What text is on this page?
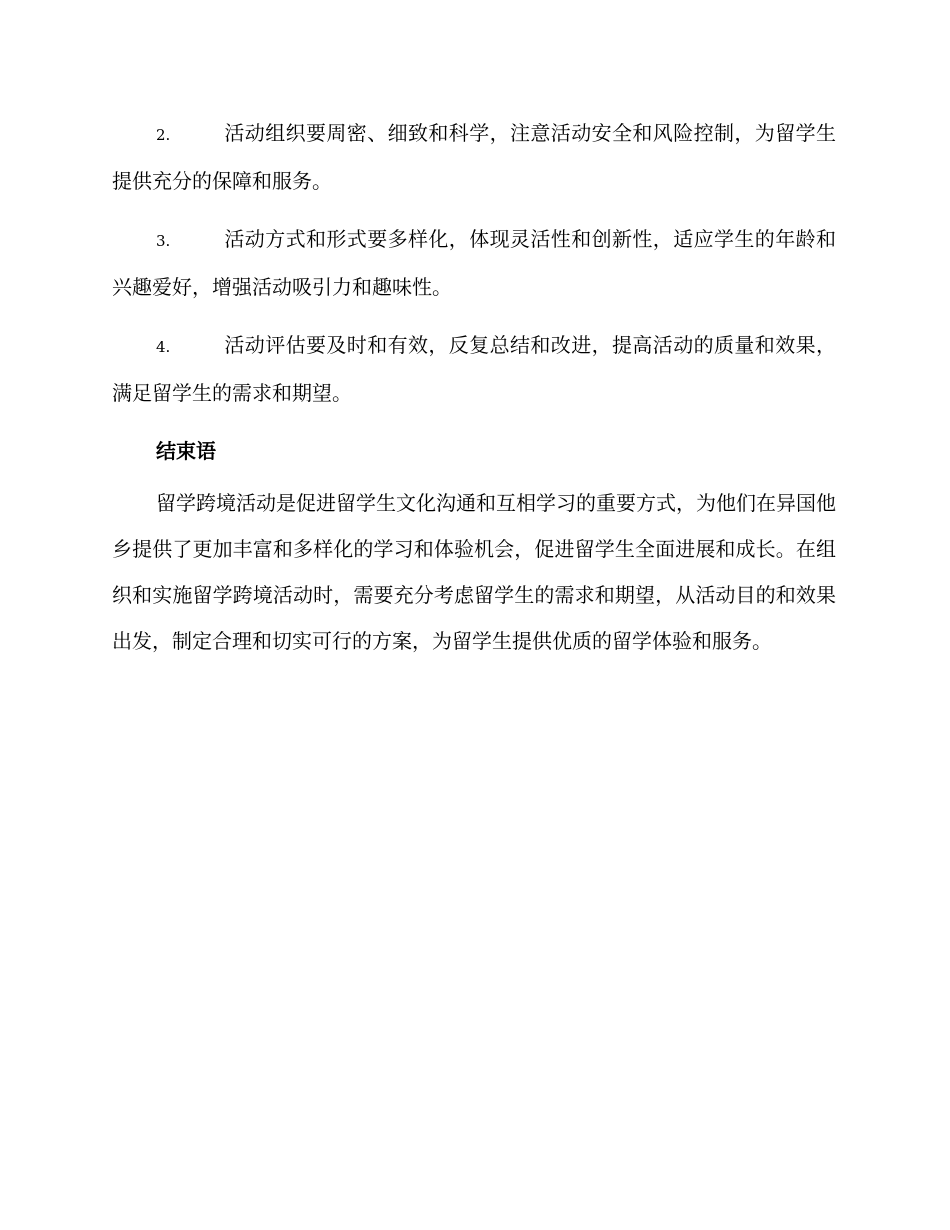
2.	活动组织要周密、细致和科学，注意活动安全和风险控制，为留学生提供充分的保障和服务。

3.	活动方式和形式要多样化，体现灵活性和创新性，适应学生的年龄和兴趣爱好，增强活动吸引力和趣味性。

4.	活动评估要及时和有效，反复总结和改进，提高活动的质量和效果，满足留学生的需求和期望。

结束语

留学跨境活动是促进留学生文化沟通和互相学习的重要方式，为他们在异国他乡提供了更加丰富和多样化的学习和体验机会，促进留学生全面进展和成长。在组织和实施留学跨境活动时，需要充分考虑留学生的需求和期望，从活动目的和效果出发，制定合理和切实可行的方案，为留学生提供优质的留学体验和服务。
